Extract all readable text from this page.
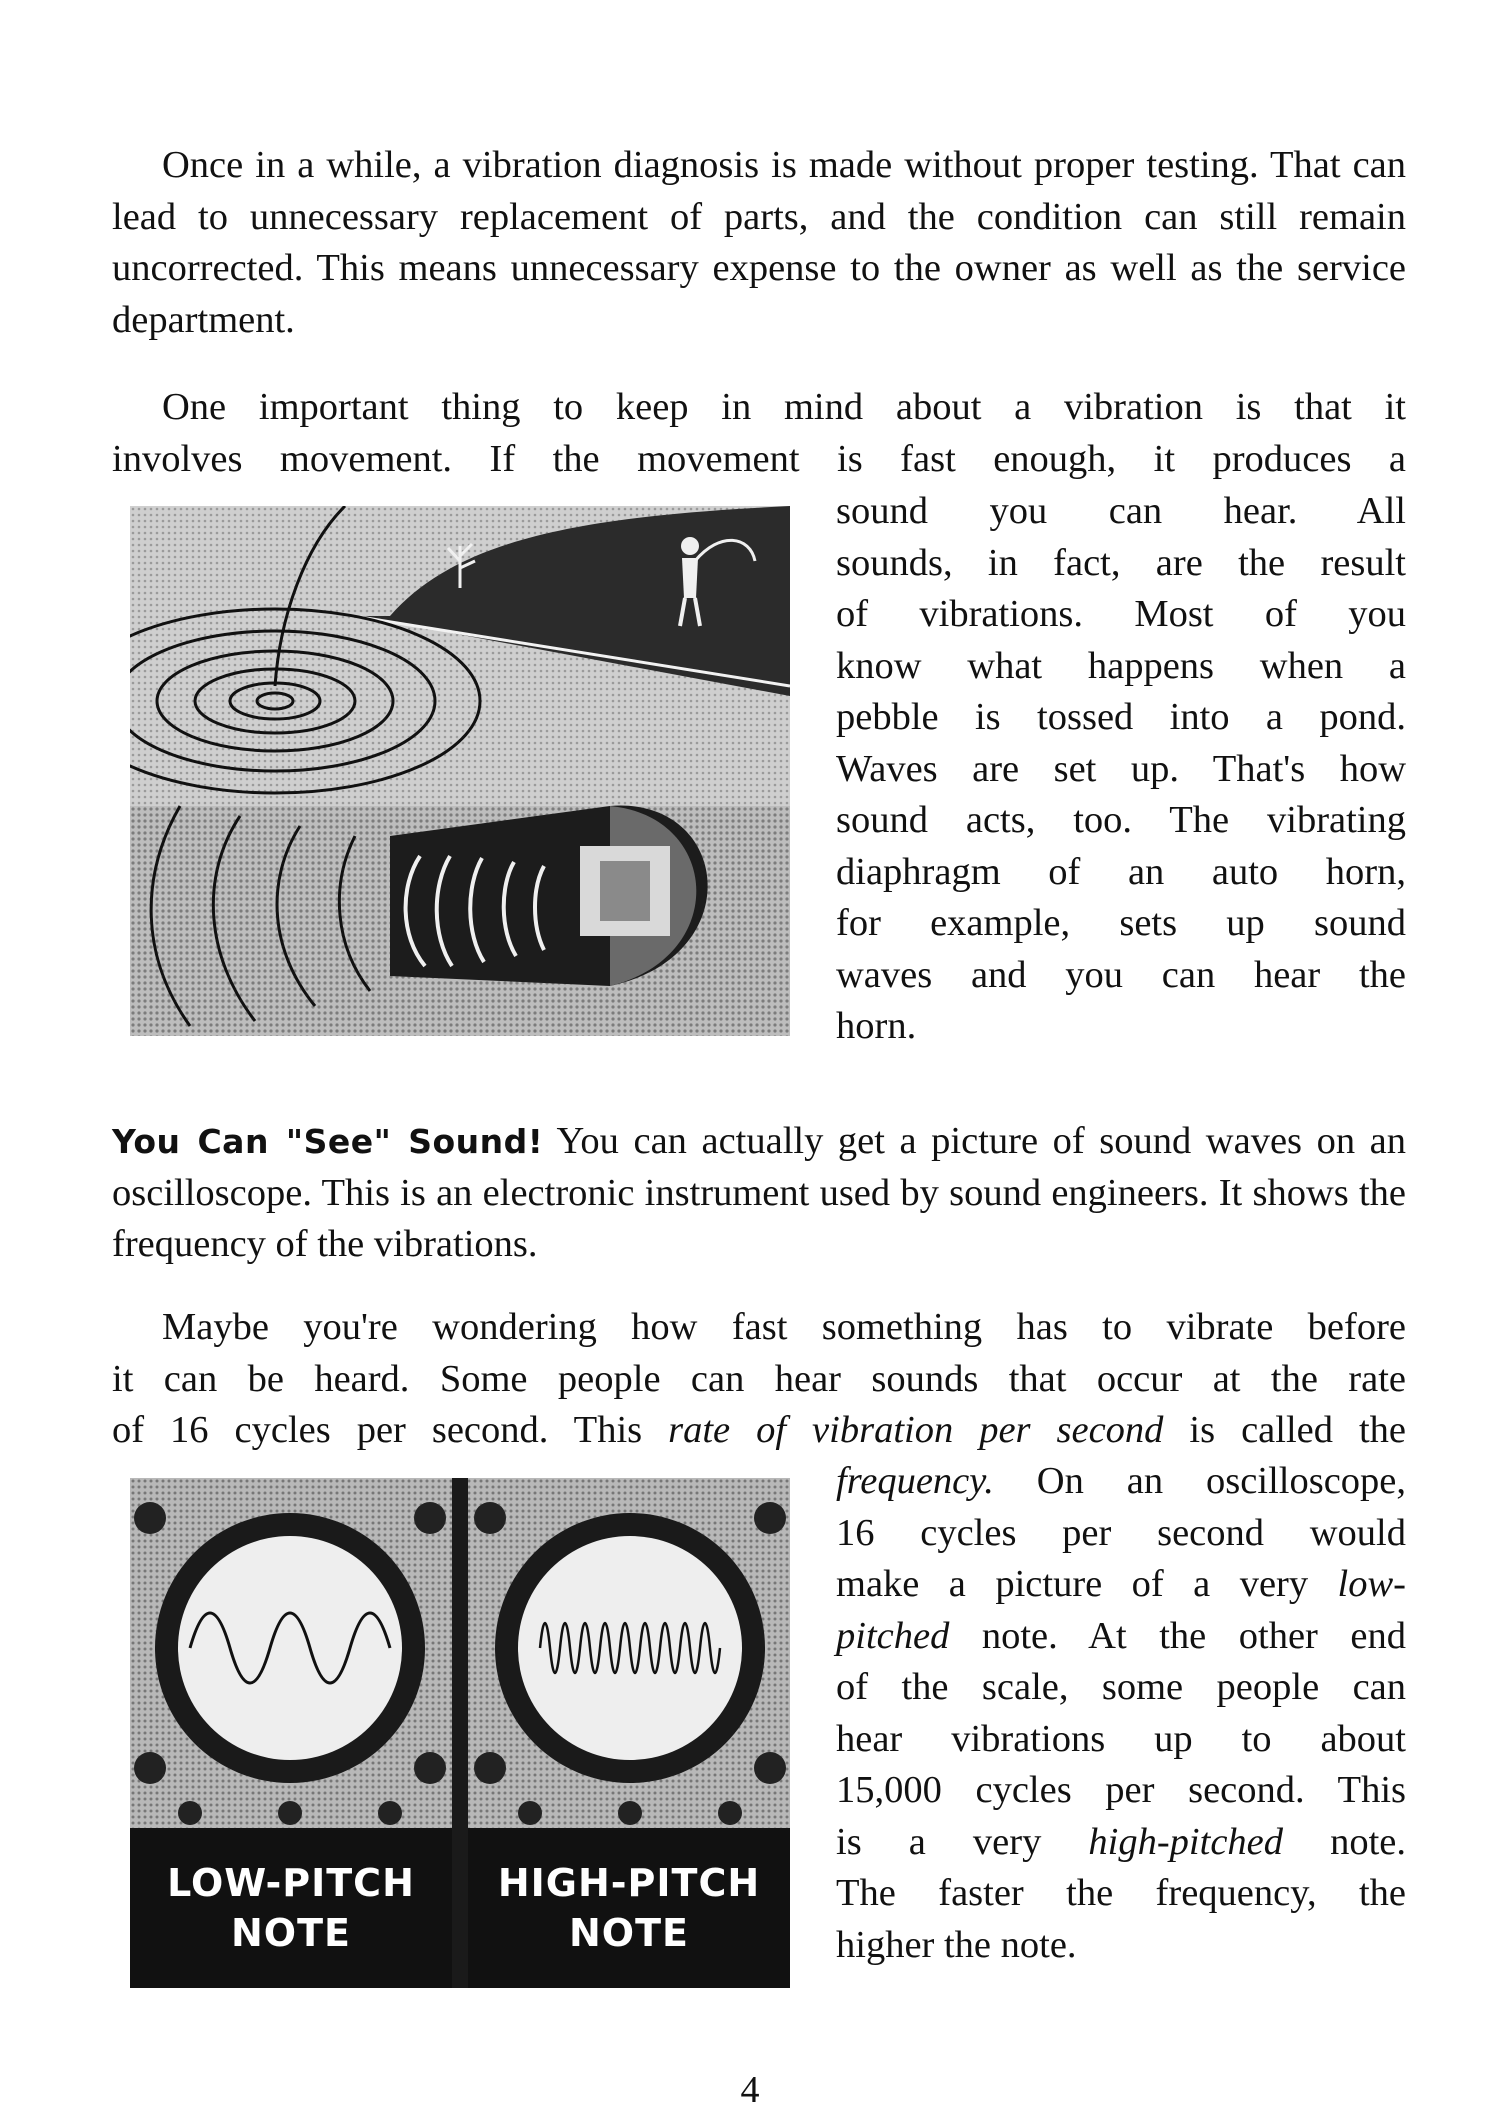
Once in a while, a vibration diagnosis is made without proper testing. That can lead to unnecessary replacement of parts, and the condition can still remain uncorrected. This means unnecessary expense to the owner as well as the service department.

One important thing to keep in mind about a vibration is that it
involves movement. If the movement is fast enough, it produces a
sound you can hear. All
sounds, in fact, are the result
of vibrations. Most of you
know what happens when a
pebble is tossed into a pond.
Waves are set up. That's how
sound acts, too. The vibrating
diaphragm of an auto horn,
for example, sets up sound
waves and you can hear the
horn.

You Can "See" Sound! You can actually get a picture of sound waves on an oscilloscope. This is an electronic instrument used by sound engineers. It shows the frequency of the vibrations.

Maybe you're wondering how fast something has to vibrate before
it can be heard. Some people can hear sounds that occur at the rate
of 16 cycles per second. This rate of vibration per second is called the
LOW-PITCH
NOTE
HIGH-PITCH
NOTE
frequency. On an oscilloscope,
16 cycles per second would
make a picture of a very low-
pitched note. At the other end
of the scale, some people can
hear vibrations up to about
15,000 cycles per second. This
is a very high-pitched note.
The faster the frequency, the
higher the note.

4
